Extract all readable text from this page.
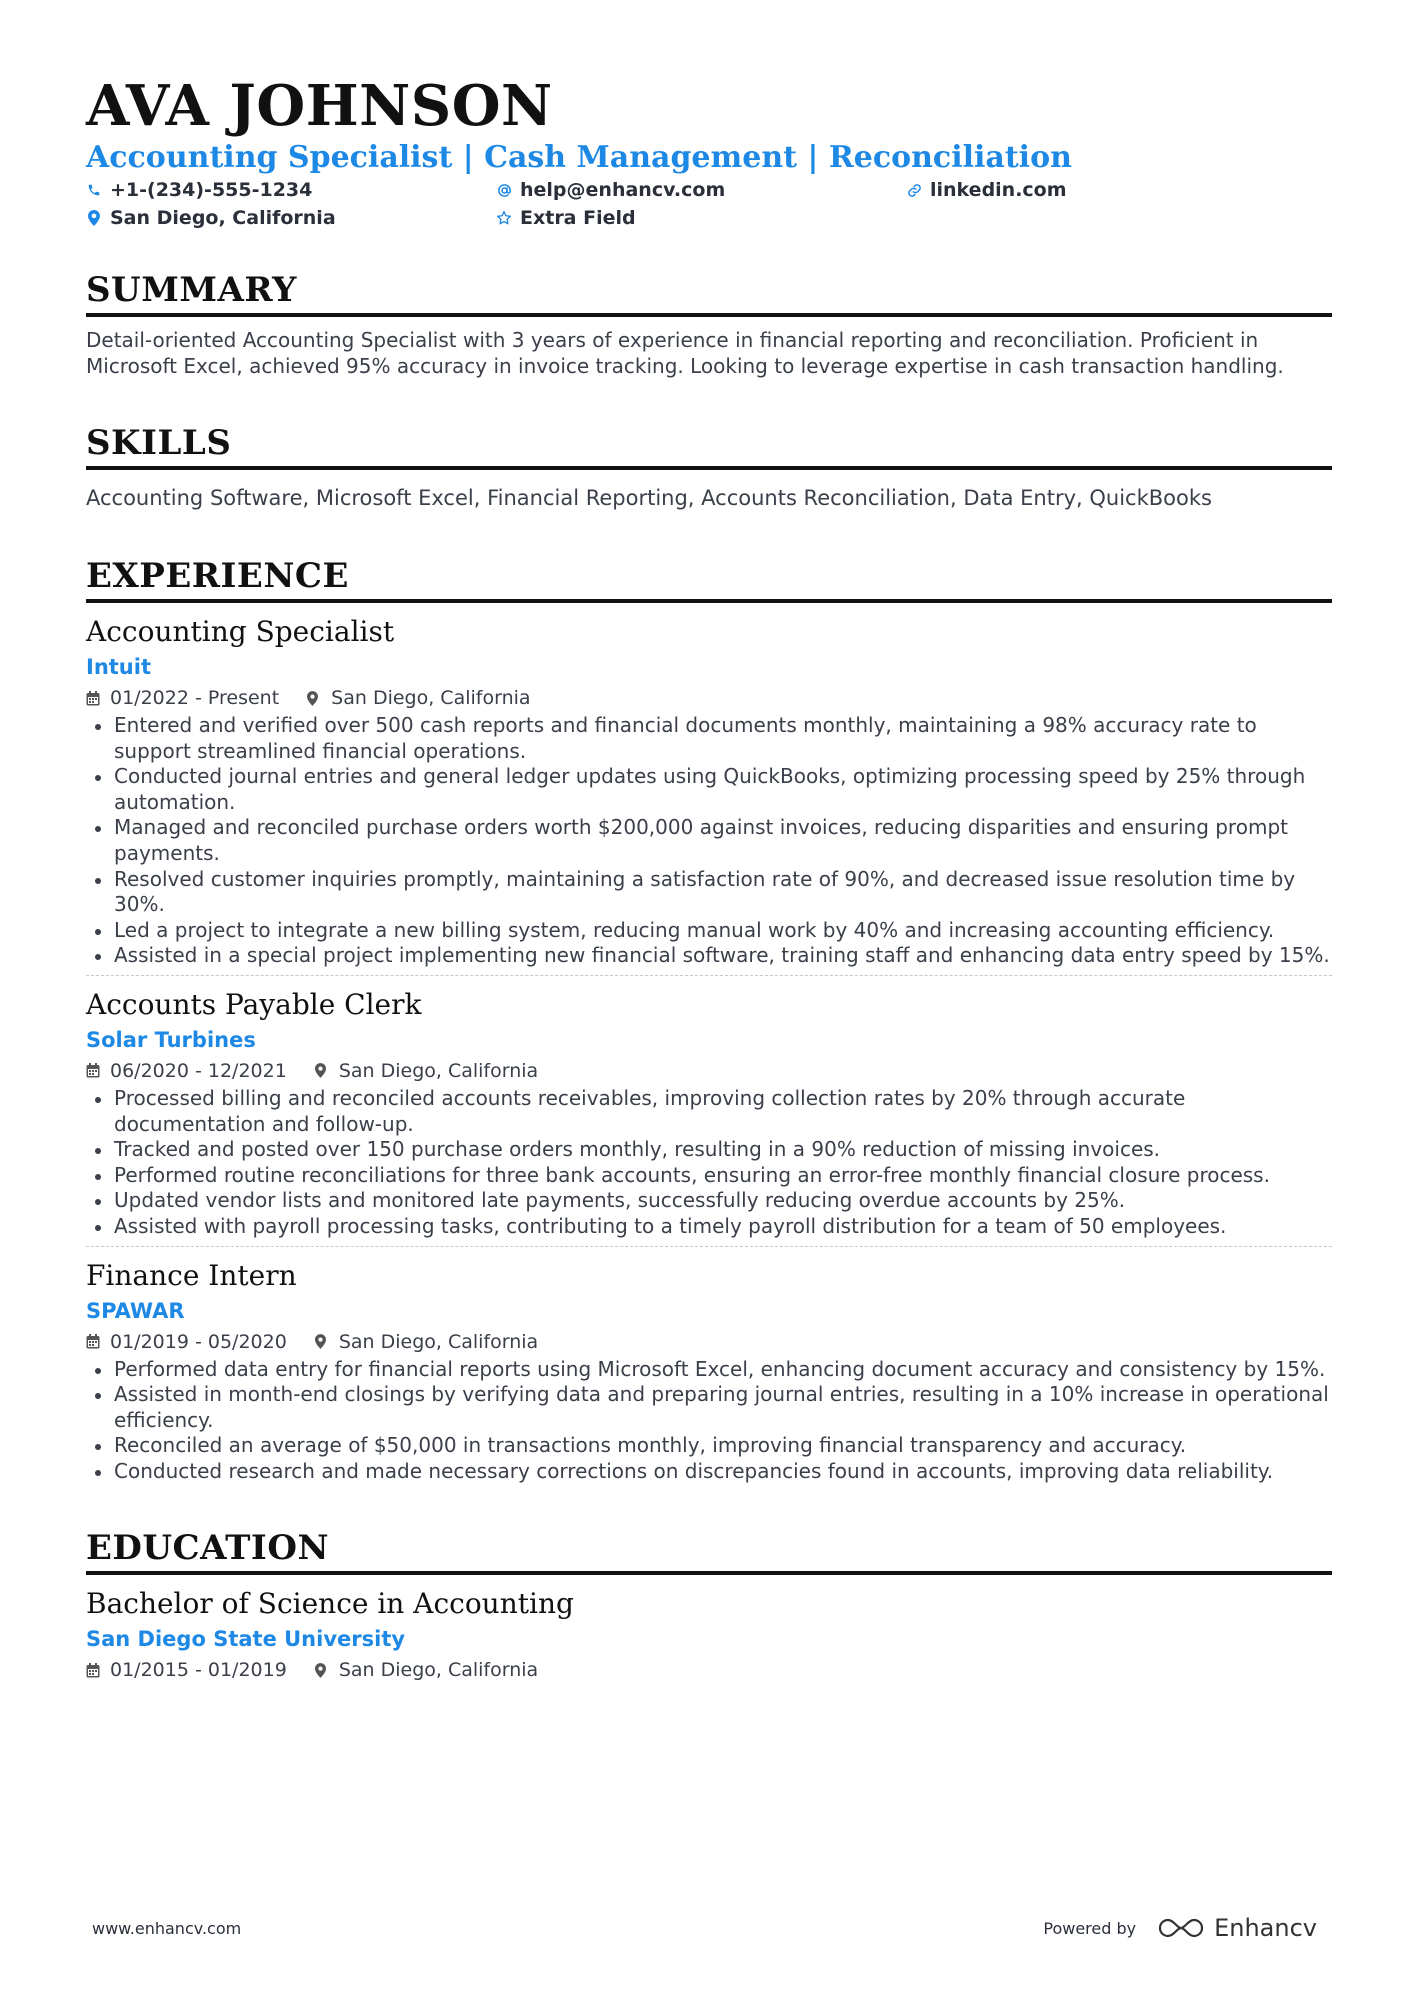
AVA JOHNSON
Accounting Specialist | Cash Management | Reconciliation
+1-(234)-555-1234	help@enhancv.com	linkedin.com
San Diego, California	Extra Field
SUMMARY
Detail-oriented Accounting Specialist with 3 years of experience in financial reporting and reconciliation. Proficient in Microsoft Excel, achieved 95% accuracy in invoice tracking. Looking to leverage expertise in cash transaction handling.
SKILLS
Accounting Software, Microsoft Excel, Financial Reporting, Accounts Reconciliation, Data Entry, QuickBooks
EXPERIENCE
Accounting Specialist
Intuit
01/2022 - Present	San Diego, California
Entered and verified over 500 cash reports and financial documents monthly, maintaining a 98% accuracy rate to support streamlined financial operations.
Conducted journal entries and general ledger updates using QuickBooks, optimizing processing speed by 25% through automation.
Managed and reconciled purchase orders worth $200,000 against invoices, reducing disparities and ensuring prompt payments.
Resolved customer inquiries promptly, maintaining a satisfaction rate of 90%, and decreased issue resolution time by 30%.
Led a project to integrate a new billing system, reducing manual work by 40% and increasing accounting efficiency.
Assisted in a special project implementing new financial software, training staff and enhancing data entry speed by 15%.
Accounts Payable Clerk
Solar Turbines
06/2020 - 12/2021	San Diego, California
Processed billing and reconciled accounts receivables, improving collection rates by 20% through accurate documentation and follow-up.
Tracked and posted over 150 purchase orders monthly, resulting in a 90% reduction of missing invoices.
Performed routine reconciliations for three bank accounts, ensuring an error-free monthly financial closure process.
Updated vendor lists and monitored late payments, successfully reducing overdue accounts by 25%.
Assisted with payroll processing tasks, contributing to a timely payroll distribution for a team of 50 employees.
Finance Intern
SPAWAR
01/2019 - 05/2020	San Diego, California
Performed data entry for financial reports using Microsoft Excel, enhancing document accuracy and consistency by 15%.
Assisted in month-end closings by verifying data and preparing journal entries, resulting in a 10% increase in operational efficiency.
Reconciled an average of $50,000 in transactions monthly, improving financial transparency and accuracy.
Conducted research and made necessary corrections on discrepancies found in accounts, improving data reliability.
EDUCATION
Bachelor of Science in Accounting
San Diego State University
01/2015 - 01/2019	San Diego, California
www.enhancv.com	Powered by	Enhancv
